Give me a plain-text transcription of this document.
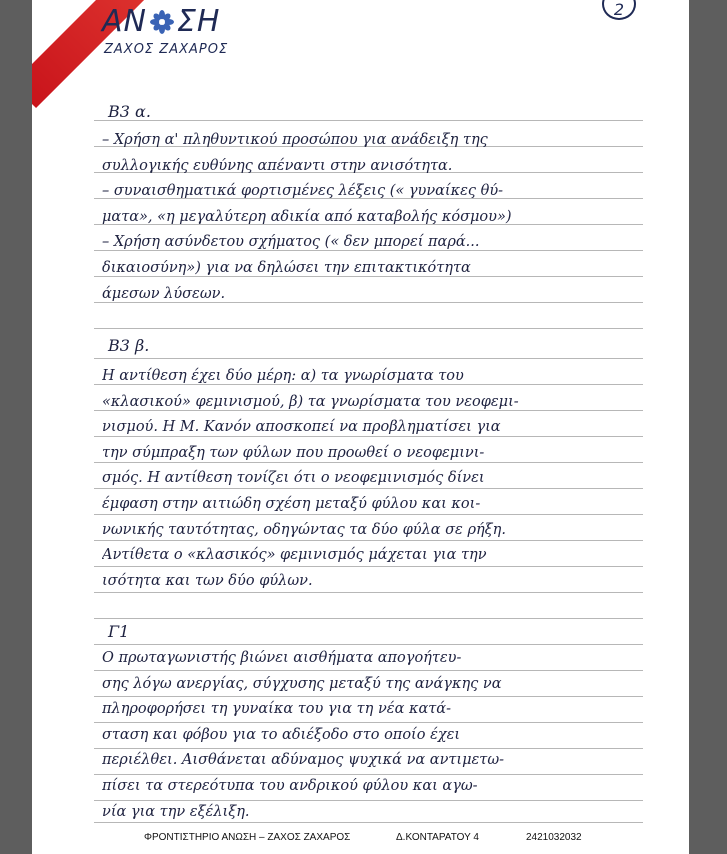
ΑΝ ΣΗ
ΖΑΧΟΣ ΖΑΧΑΡΟΣ
2
Β3 α.
– Χρήση α' πληθυντικού προσώπου για ανάδειξη της
συλλογικής ευθύνης απέναντι στην ανισότητα.
– συναισθηματικά φορτισμένες λέξεις (« γυναίκες θύ-
ματα», «η μεγαλύτερη αδικία από καταβολής κόσμου»)
– Χρήση ασύνδετου σχήματος (« δεν μπορεί παρά...
δικαιοσύνη») για να δηλώσει την επιτακτικότητα
άμεσων λύσεων.
Β3 β.
Η αντίθεση έχει δύο μέρη: α) τα γνωρίσματα του
«κλασικού» φεμινισμού, β) τα γνωρίσματα του νεοφεμι-
νισμού. Η Μ. Κανόν αποσκοπεί να προβληματίσει για
την σύμπραξη των φύλων που προωθεί ο νεοφεμινι-
σμός. Η αντίθεση τονίζει ότι ο νεοφεμινισμός δίνει
έμφαση στην αιτιώδη σχέση μεταξύ φύλου και κοι-
νωνικής ταυτότητας, οδηγώντας τα δύο φύλα σε ρήξη.
Αντίθετα ο «κλασικός» φεμινισμός μάχεται για την
ισότητα και των δύο φύλων.
Γ1
Ο πρωταγωνιστής βιώνει αισθήματα απογοήτευ-
σης λόγω ανεργίας, σύγχυσης μεταξύ της ανάγκης να
πληροφορήσει τη γυναίκα του για τη νέα κατά-
σταση και φόβου για το αδιέξοδο στο οποίο έχει
περιέλθει. Αισθάνεται αδύναμος ψυχικά να αντιμετω-
πίσει τα στερεότυπα του ανδρικού φύλου και αγω-
νία για την εξέλιξη.
ΦΡΟΝΤΙΣΤΗΡΙΟ ΑΝΩΣΗ – ΖΑΧΟΣ ΖΑΧΑΡΟΣ	Δ.ΚΟΝΤΑΡΑΤΟΥ 4	2421032032
